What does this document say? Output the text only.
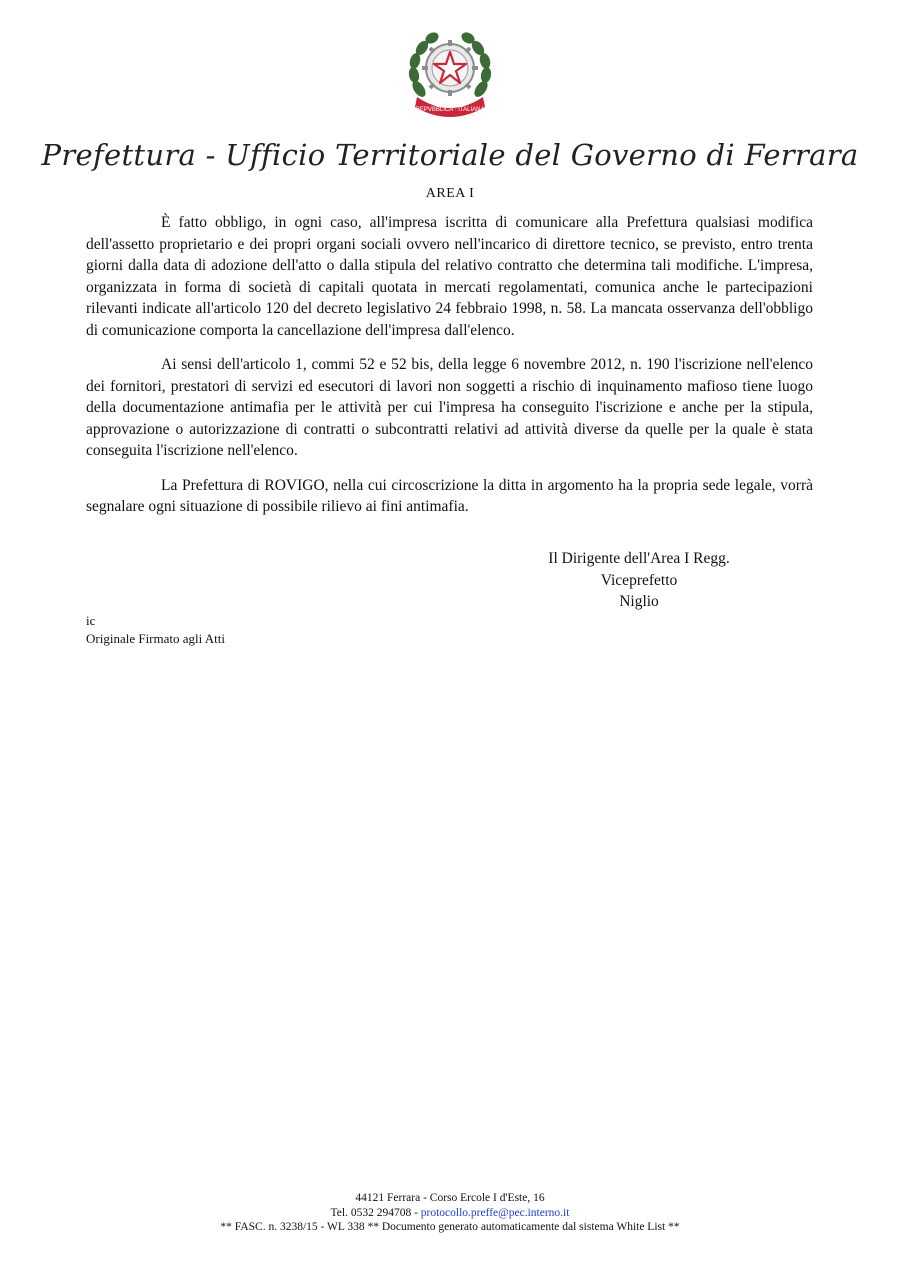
REPVBBLICA · ITALIANA
Prefettura - Ufficio Territoriale del Governo di Ferrara
AREA I

È fatto obbligo, in ogni caso, all'impresa iscritta di comunicare alla Prefettura qualsiasi modifica dell'assetto proprietario e dei propri organi sociali ovvero nell'incarico di direttore tecnico, se previsto, entro trenta giorni dalla data di adozione dell'atto o dalla stipula del relativo contratto che determina tali modifiche. L'impresa, organizzata in forma di società di capitali quotata in mercati regolamentati, comunica anche le partecipazioni rilevanti indicate all'articolo 120 del decreto legislativo 24 febbraio 1998, n. 58. La mancata osservanza dell'obbligo di comunicazione comporta la cancellazione dell'impresa dall'elenco.

Ai sensi dell'articolo 1, commi 52 e 52 bis, della legge 6 novembre 2012, n. 190 l'iscrizione nell'elenco dei fornitori, prestatori di servizi ed esecutori di lavori non soggetti a rischio di inquinamento mafioso tiene luogo della documentazione antimafia per le attività per cui l'impresa ha conseguito l'iscrizione e anche per la stipula, approvazione o autorizzazione di contratti o subcontratti relativi ad attività diverse da quelle per la quale è stata conseguita l'iscrizione nell'elenco.

La Prefettura di ROVIGO, nella cui circoscrizione la ditta in argomento ha la propria sede legale, vorrà segnalare ogni situazione di possibile rilievo ai fini antimafia.

Il Dirigente dell'Area I Regg.
Viceprefetto
Niglio
ic
Originale Firmato agli Atti
44121 Ferrara - Corso Ercole I d'Este, 16
Tel. 0532 294708 - protocollo.preffe@pec.interno.it
** FASC. n. 3238/15 - WL 338 ** Documento generato automaticamente dal sistema White List **
